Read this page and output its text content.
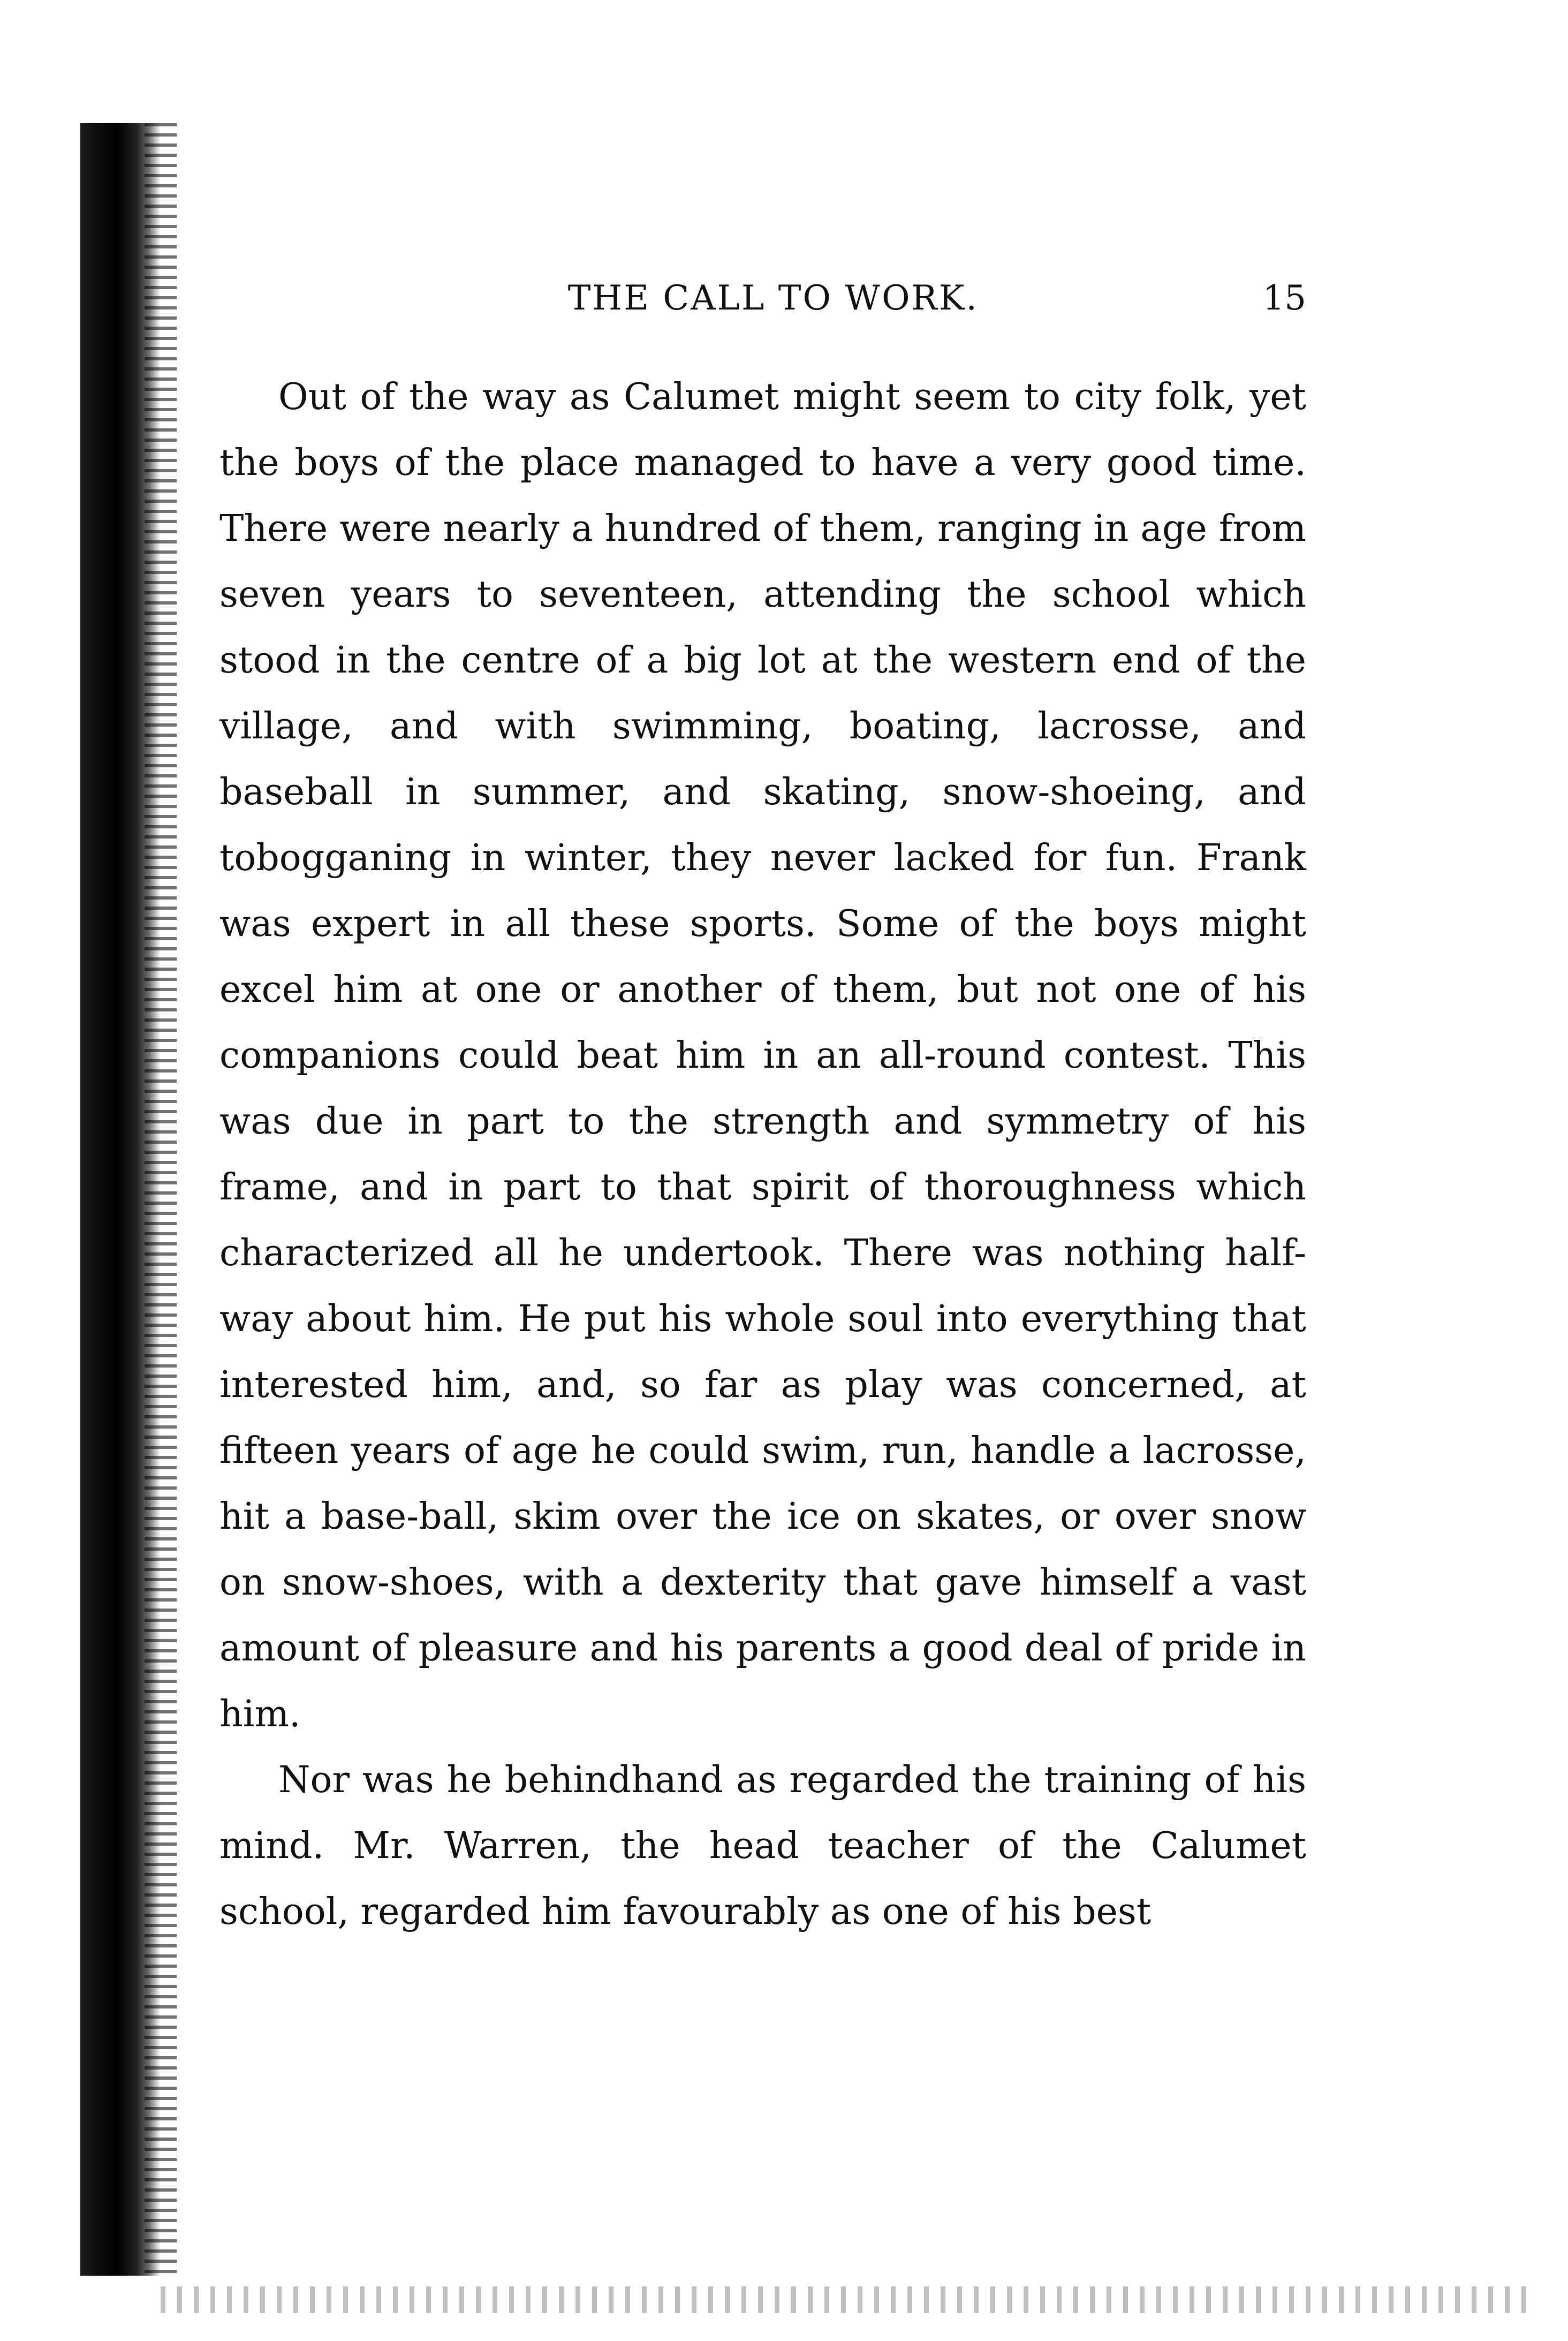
THE CALL TO WORK.	15

Out of the way as Calumet might seem to city folk, yet the boys of the place managed to have a very good time. There were nearly a hundred of them, ranging in age from seven years to seventeen, attending the school which stood in the centre of a big lot at the western end of the village, and with swimming, boating, lacrosse, and baseball in summer, and skating, snow-shoeing, and tobogganing in winter, they never lacked for fun. Frank was expert in all these sports. Some of the boys might excel him at one or another of them, but not one of his companions could beat him in an all-round contest. This was due in part to the strength and symmetry of his frame, and in part to that spirit of thoroughness which characterized all he undertook. There was nothing half-way about him. He put his whole soul into everything that interested him, and, so far as play was concerned, at fifteen years of age he could swim, run, handle a lacrosse, hit a base-ball, skim over the ice on skates, or over snow on snow-shoes, with a dexterity that gave himself a vast amount of pleasure and his parents a good deal of pride in him.

Nor was he behindhand as regarded the training of his mind. Mr. Warren, the head teacher of the Calumet school, regarded him favourably as one of his best
